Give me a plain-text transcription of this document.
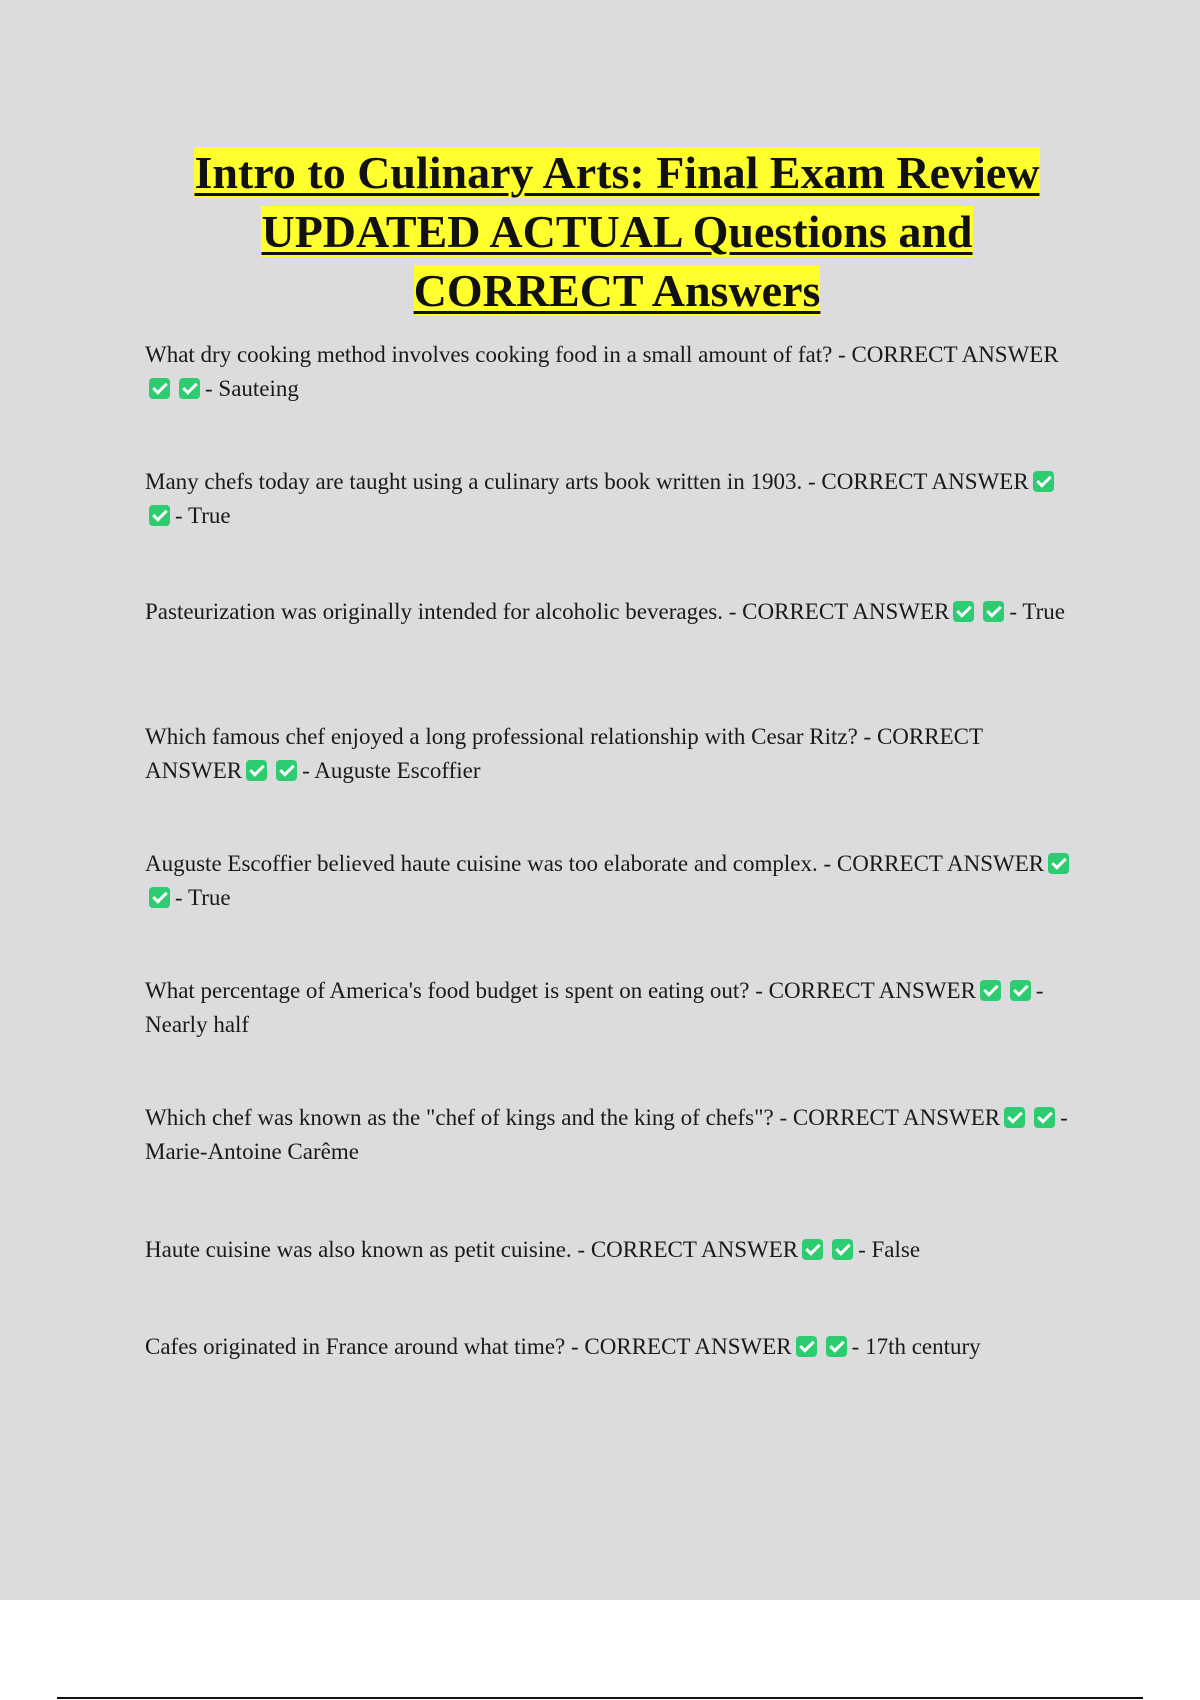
Intro to Culinary Arts: Final Exam Review
UPDATED ACTUAL Questions and
CORRECT Answers

What dry cooking method involves cooking food in a small amount of fat? - CORRECT ANSWER- Sauteing

Many chefs today are taught using a culinary arts book written in 1903. - CORRECT ANSWER- True

Pasteurization was originally intended for alcoholic beverages. - CORRECT ANSWER	- True

Which famous chef enjoyed a long professional relationship with Cesar Ritz? - CORRECT ANSWER	- Auguste Escoffier

Auguste Escoffier believed haute cuisine was too elaborate and complex. - CORRECT ANSWER- True

What percentage of America's food budget is spent on eating out? - CORRECT ANSWER	- Nearly half

Which chef was known as the "chef of kings and the king of chefs"? - CORRECT ANSWER	- Marie-Antoine Carême

Haute cuisine was also known as petit cuisine. - CORRECT ANSWER	- False

Cafes originated in France around what time? - CORRECT ANSWER	- 17th century
